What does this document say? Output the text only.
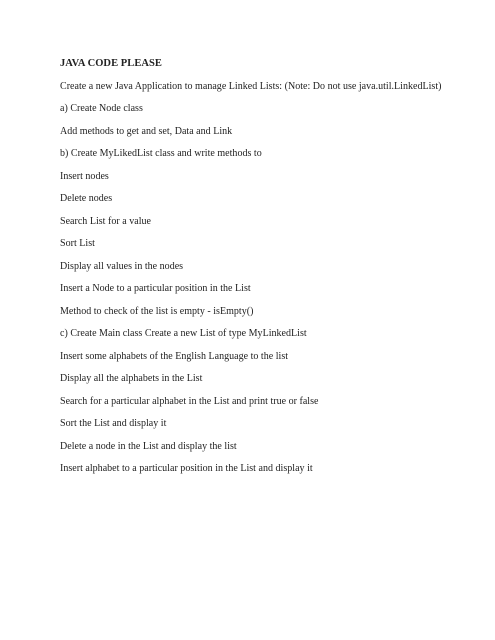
JAVA CODE PLEASE
Create a new Java Application to manage Linked Lists: (Note: Do not use java.util.LinkedList)
a) Create Node class
Add methods to get and set, Data and Link
b) Create MyLikedList class and write methods to
Insert nodes
Delete nodes
Search List for a value
Sort List
Display all values in the nodes
Insert a Node to a particular position in the List
Method to check of the list is empty - isEmpty()
c) Create Main class Create a new List of type MyLinkedList
Insert some alphabets of the English Language to the list
Display all the alphabets in the List
Search for a particular alphabet in the List and print true or false
Sort the List and display it
Delete a node in the List and display the list
Insert alphabet to a particular position in the List and display it
